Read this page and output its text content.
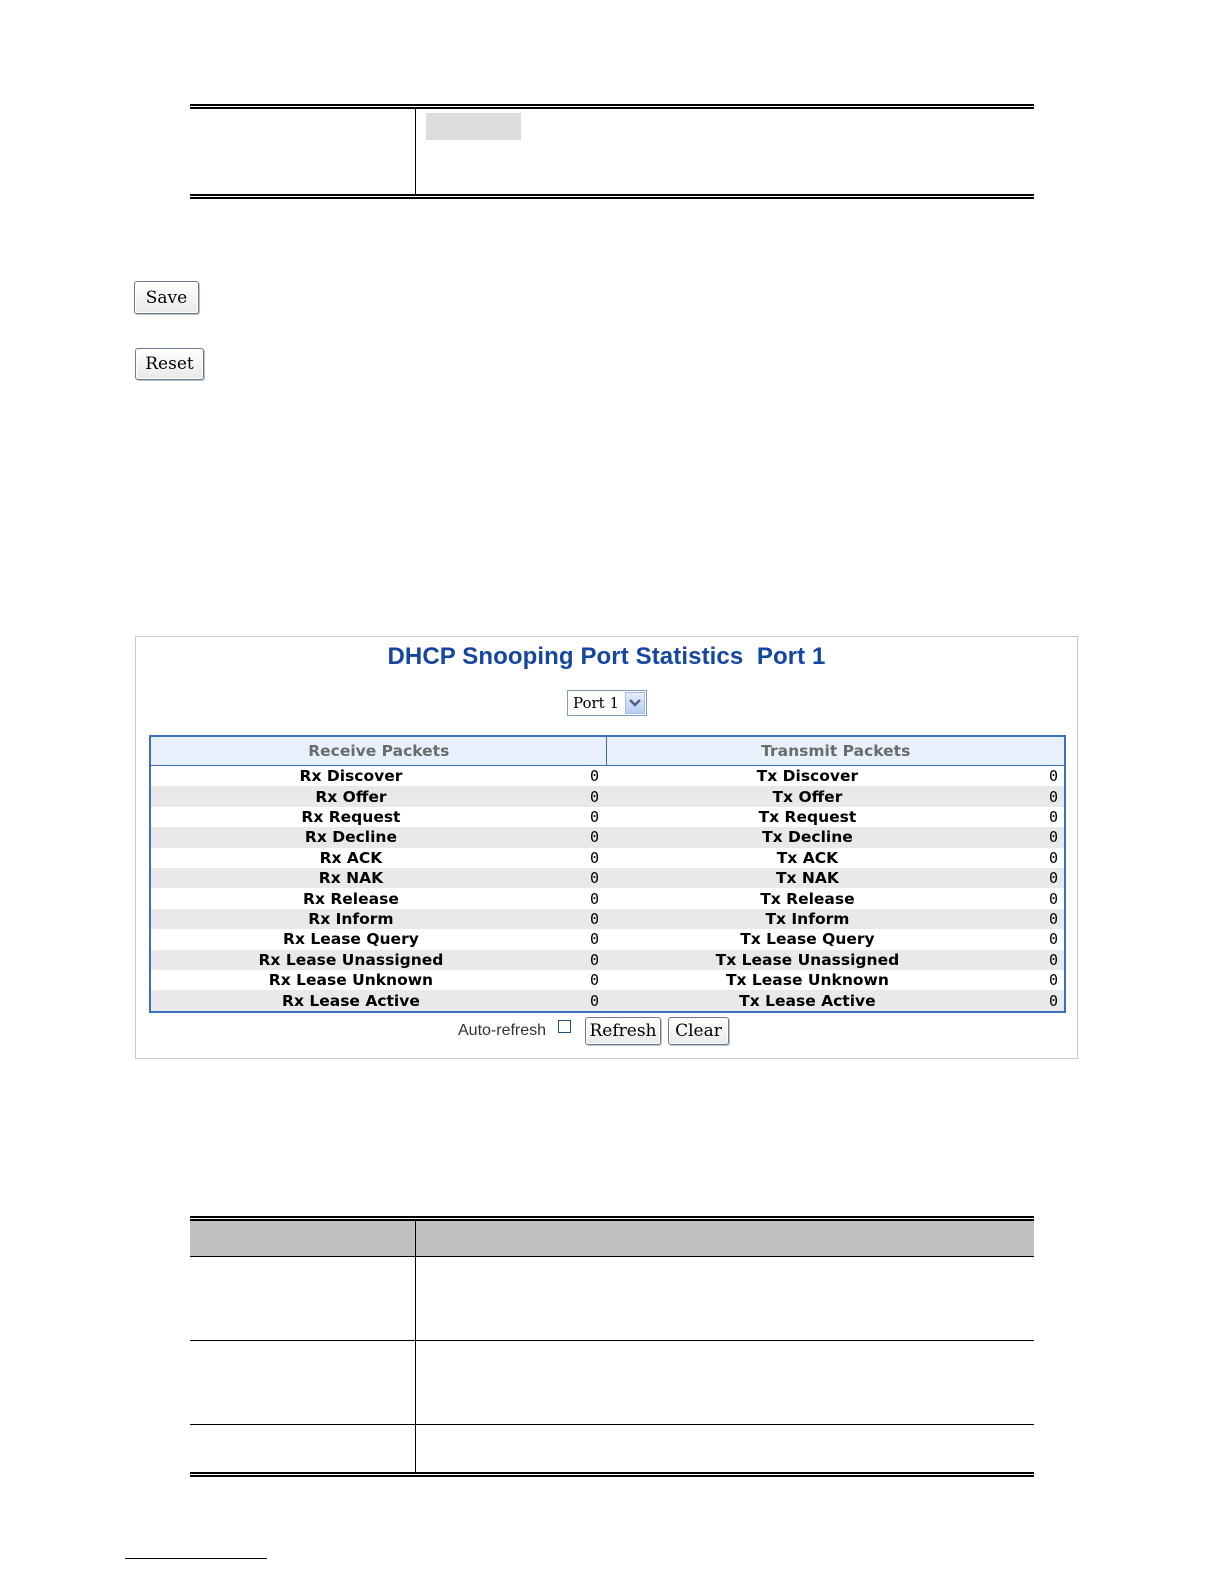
Save
Reset
DHCP Snooping Port Statistics  Port 1
Port 1
Receive Packets		Transmit Packets	
Rx Discover	0	Tx Discover	0
Rx Offer	0	Tx Offer	0
Rx Request	0	Tx Request	0
Rx Decline	0	Tx Decline	0
Rx ACK	0	Tx ACK	0
Rx NAK	0	Tx NAK	0
Rx Release	0	Tx Release	0
Rx Inform	0	Tx Inform	0
Rx Lease Query	0	Tx Lease Query	0
Rx Lease Unassigned	0	Tx Lease Unassigned	0
Rx Lease Unknown	0	Tx Lease Unknown	0
Rx Lease Active	0	Tx Lease Active	0
Auto-refresh	Refresh	Clear
